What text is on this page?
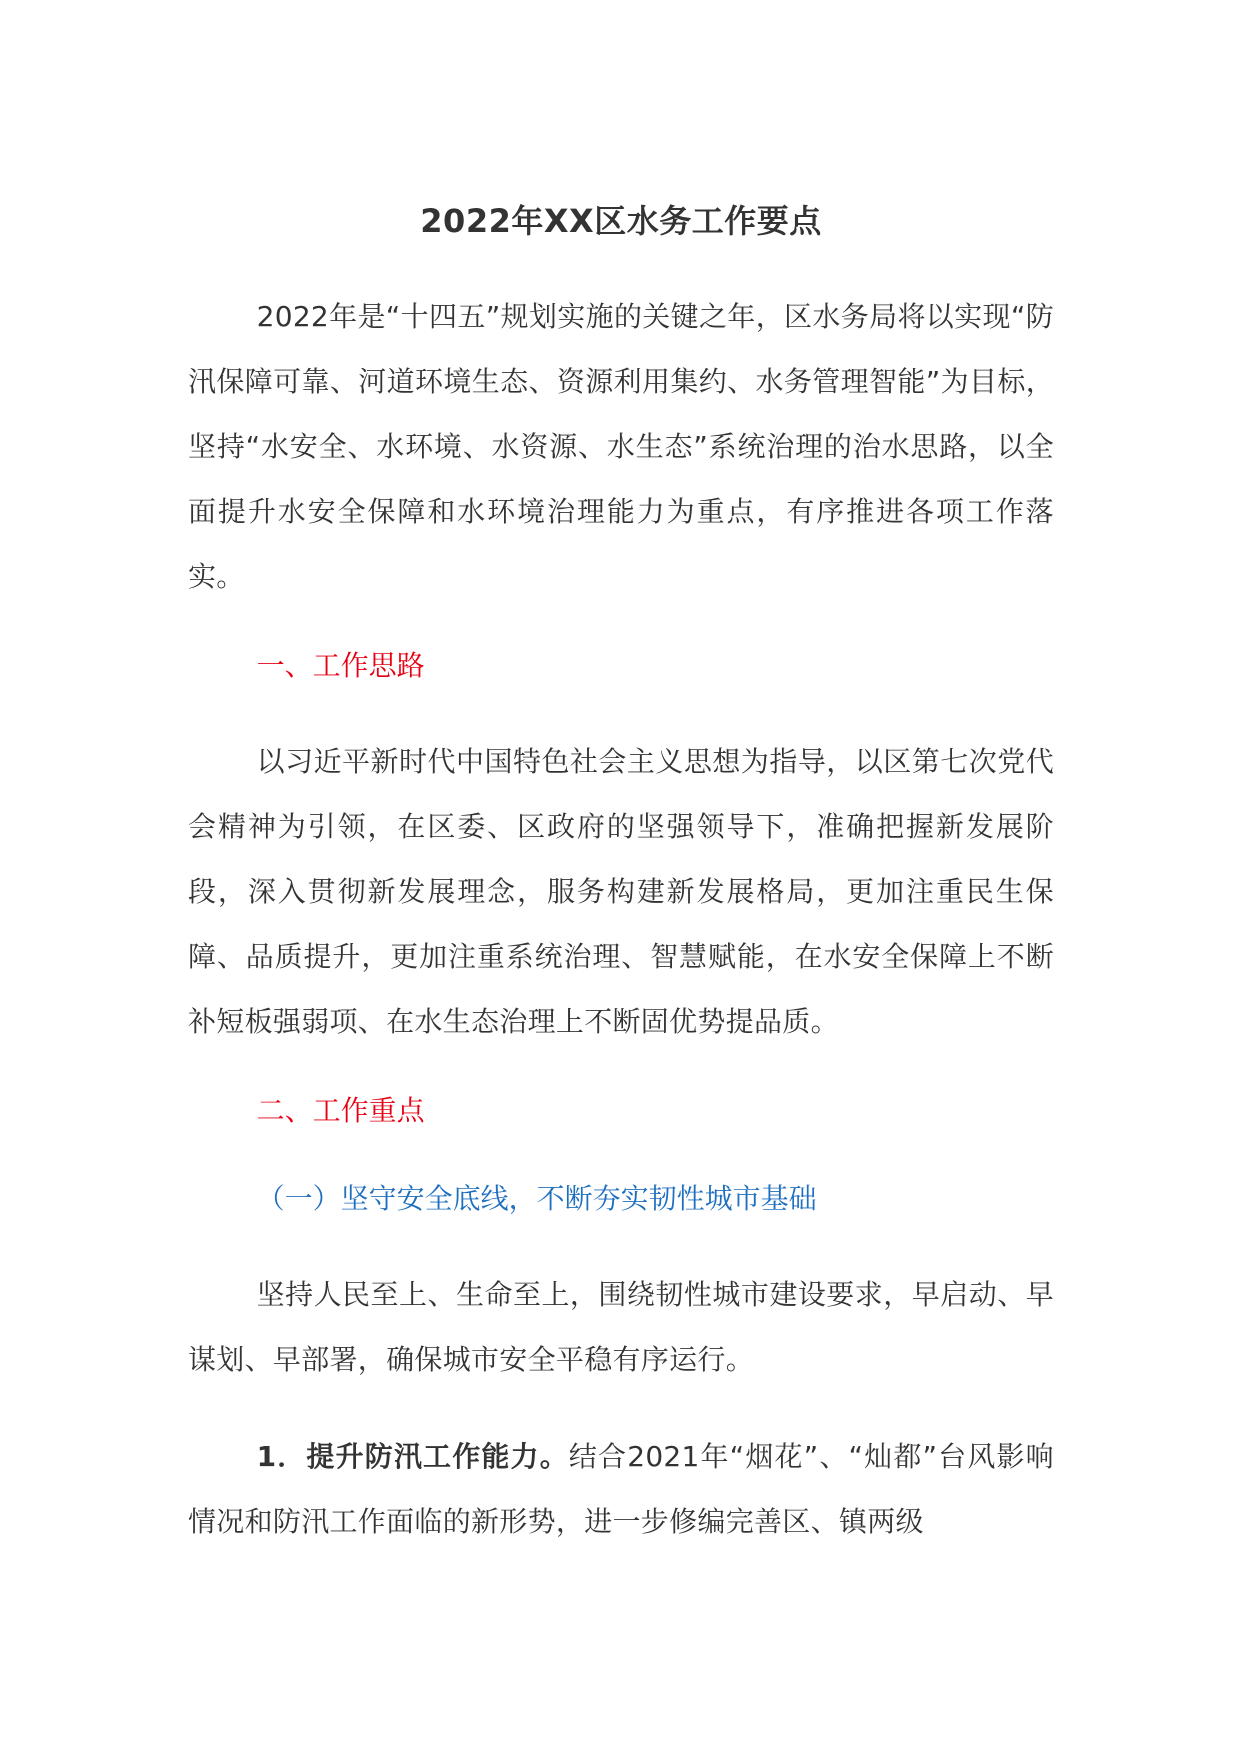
2022年XX区水务工作要点

2022年是“十四五”规划实施的关键之年，区水务局将以实现“防汛保障可靠、河道环境生态、资源利用集约、水务管理智能”为目标，坚持“水安全、水环境、水资源、水生态”系统治理的治水思路，以全面提升水安全保障和水环境治理能力为重点，有序推进各项工作落实。

一、工作思路

以习近平新时代中国特色社会主义思想为指导，以区第七次党代会精神为引领，在区委、区政府的坚强领导下，准确把握新发展阶段，深入贯彻新发展理念，服务构建新发展格局，更加注重民生保障、品质提升，更加注重系统治理、智慧赋能，在水安全保障上不断补短板强弱项、在水生态治理上不断固优势提品质。

二、工作重点
（一）坚守安全底线，不断夯实韧性城市基础

坚持人民至上、生命至上，围绕韧性城市建设要求，早启动、早谋划、早部署，确保城市安全平稳有序运行。

1．提升防汛工作能力。结合2021年“烟花”、“灿都”台风影响情况和防汛工作面临的新形势，进一步修编完善区、镇两级
